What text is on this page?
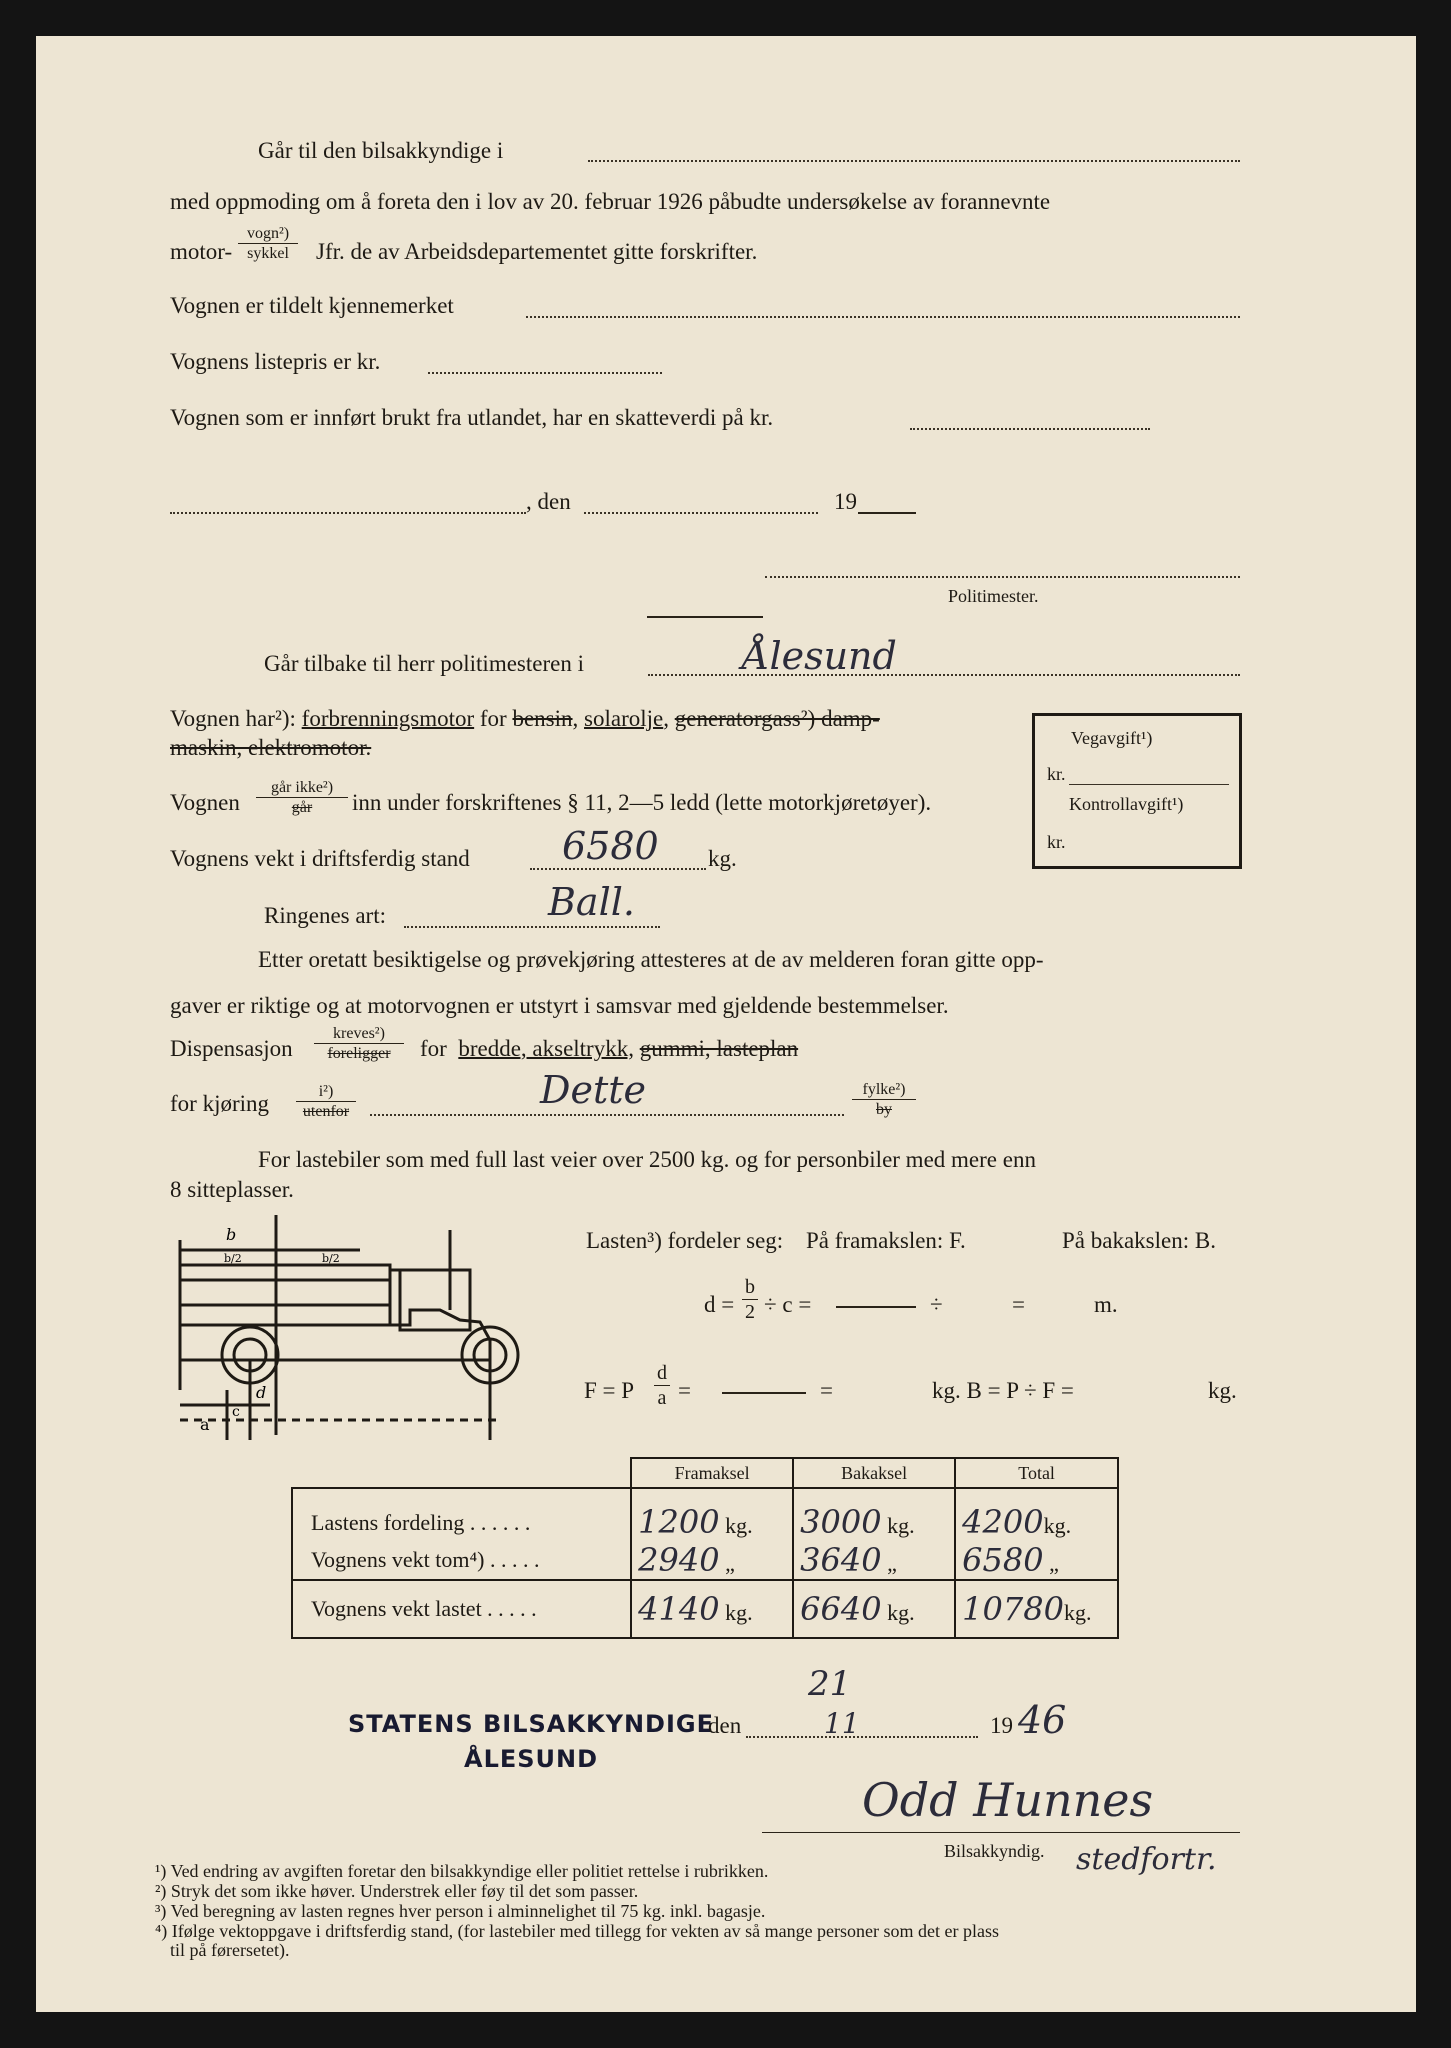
Går til den bilsakkyndige i
med oppmoding om å foreta den i lov av 20. februar 1926 påbudte undersøkelse av forannevnte
motor-
vogn²)
sykkel	Jfr. de av Arbeidsdepartementet gitte forskrifter.
Vognen er tildelt kjennemerket
Vognens listepris er kr.
Vognen som er innført brukt fra utlandet, har en skatteverdi på kr.
, den	19
Politimester.
Går tilbake til herr politimesteren i	Ålesund
Vognen har²): forbrenningsmotor for bensin, solarolje, generatorgass²) damp-
maskin, elektromotor.
Vognen
går ikke²)
går	inn under forskriftenes § 11, 2—5 ledd (lette motorkjøretøyer).
Vognens vekt i driftsferdig stand 6580 kg.
Ringenes art:	Ball.
Etter oretatt besiktigelse og prøvekjøring attesteres at de av melderen foran gitte opp-
gaver er riktige og at motorvognen er utstyrt i samsvar med gjeldende bestemmelser.
Dispensasjon
kreves²)
foreligger	for bredde, akseltrykk, gummi, lasteplan
for kjøring	i²)
utenfor	Dette	fylke²)
by
For lastebiler som med full last veier over 2500 kg. og for personbiler med mere enn
8 sitteplasser.
Vegavgift¹)
kr.
Kontrollavgift¹)
kr.
b
b/2	b/2
d
c
a
Lasten³) fordeler seg: På framakslen: F.	På bakakslen: B.
$d = \frac{b}{2} \div c$ =	÷	=	m.
F = P $\frac{d}{a}$ =	=	kg. B = P ÷ F =	kg.
	Framaksel	Bakaksel	Total
Lastens fordeling . . . . . .	1200 kg.	3000 kg.	4200kg.
Vognens vekt tom⁴) . . . . .	2940 „	3640 „	6580 „
Vognens vekt lastet . . . . .	4140 kg.	6640 kg.	10780kg.
STATENS BILSAKKYNDIGE
ÅLESUND
den
21
11	19 46
Odd Hunnes
Bilsakkyndig. stedfortr.
¹) Ved endring av avgiften foretar den bilsakkyndige eller politiet rettelse i rubrikken.
²) Stryk det som ikke høver. Understrek eller føy til det som passer.
³) Ved beregning av lasten regnes hver person i alminnelighet til 75 kg. inkl. bagasje.
⁴) Ifølge vektoppgave i driftsferdig stand, (for lastebiler med tillegg for vekten av så mange personer som det er plass
til på førersetet).
